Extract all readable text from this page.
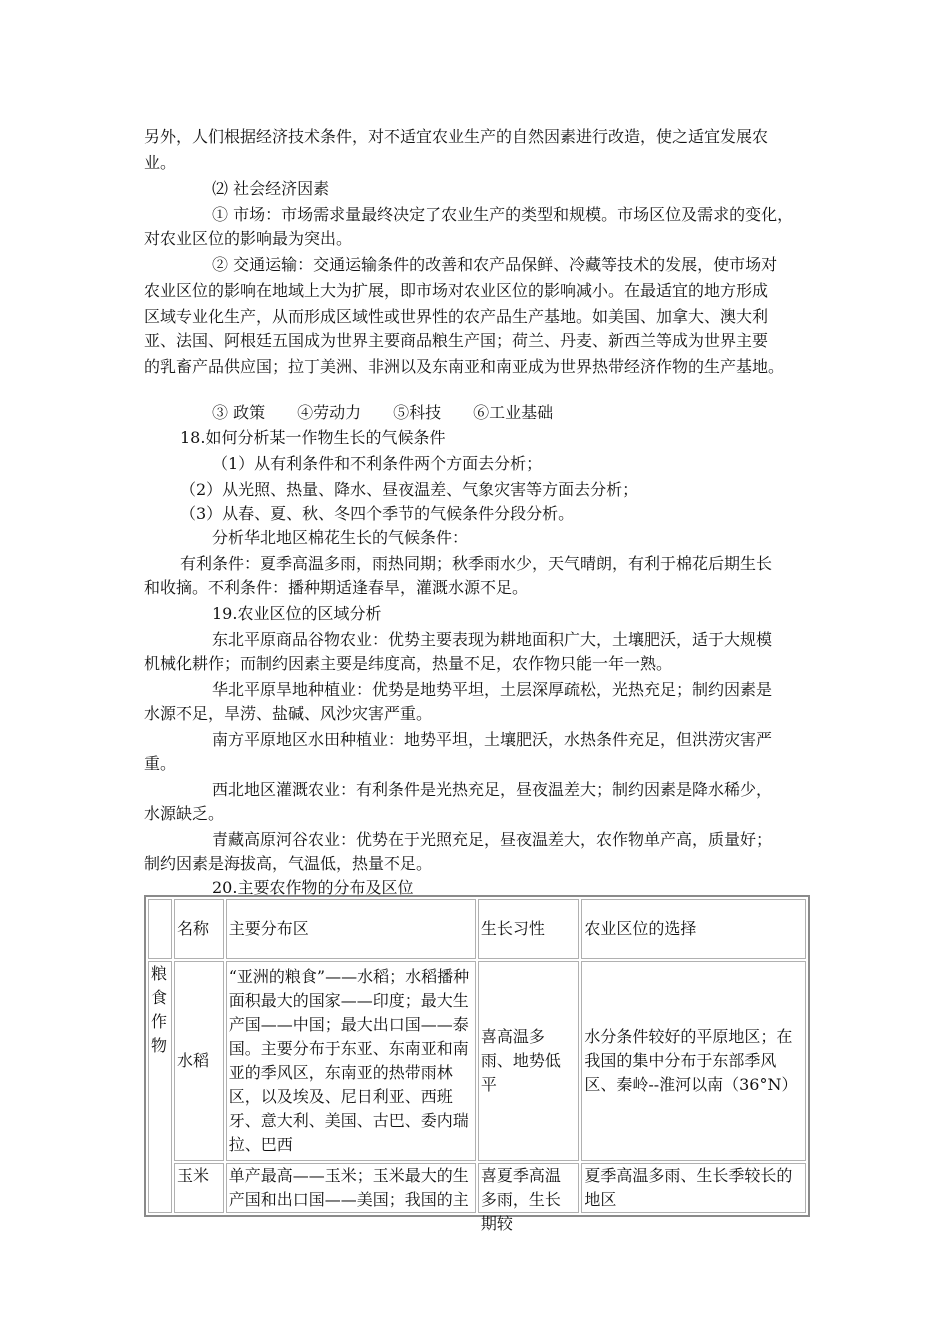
另外，人们根据经济技术条件，对不适宜农业生产的自然因素进行改造，使之适宜发展农
业。
⑵ 社会经济因素
① 市场：市场需求量最终决定了农业生产的类型和规模。市场区位及需求的变化，
对农业区位的影响最为突出。
② 交通运输：交通运输条件的改善和农产品保鲜、冷藏等技术的发展，使市场对
农业区位的影响在地域上大为扩展，即市场对农业区位的影响减小。在最适宜的地方形成
区域专业化生产，从而形成区域性或世界性的农产品生产基地。如美国、加拿大、澳大利
亚、法国、阿根廷五国成为世界主要商品粮生产国；荷兰、丹麦、新西兰等成为世界主要
的乳畜产品供应国；拉丁美洲、非洲以及东南亚和南亚成为世界热带经济作物的生产基地。
③ 政策　　④劳动力　　⑤科技　　⑥工业基础
18.如何分析某一作物生长的气候条件
（1）从有利条件和不利条件两个方面去分析；
（2）从光照、热量、降水、昼夜温差、气象灾害等方面去分析；
（3）从春、夏、秋、冬四个季节的气候条件分段分析。
分析华北地区棉花生长的气候条件：
有利条件：夏季高温多雨，雨热同期；秋季雨水少，天气晴朗，有利于棉花后期生长
和收摘。不利条件：播种期适逢春旱，灌溉水源不足。
19.农业区位的区域分析
东北平原商品谷物农业：优势主要表现为耕地面积广大，土壤肥沃，适于大规模
机械化耕作；而制约因素主要是纬度高，热量不足，农作物只能一年一熟。
华北平原旱地种植业：优势是地势平坦，土层深厚疏松，光热充足；制约因素是
水源不足，旱涝、盐碱、风沙灾害严重。
南方平原地区水田种植业：地势平坦，土壤肥沃，水热条件充足，但洪涝灾害严
重。
西北地区灌溉农业：有利条件是光热充足，昼夜温差大；制约因素是降水稀少，
水源缺乏。
青藏高原河谷农业：优势在于光照充足，昼夜温差大，农作物单产高，质量好；
制约因素是海拔高，气温低，热量不足。
20.主要农作物的分布及区位
	名称	主要分布区	生长习性	农业区位的选择
粮食作物	水稻	“亚洲的粮食”——水稻；水稻播种面积最大的国家——印度；最大生产国——中国；最大出口国——泰国。主要分布于东亚、东南亚和南亚的季风区，东南亚的热带雨林区，以及埃及、尼日利亚、西班牙、意大利、美国、古巴、委内瑞拉、巴西	喜高温多雨、地势低平	水分条件较好的平原地区；在我国的集中分布于东部季风区、秦岭--淮河以南（36°N）

	玉米	单产最高——玉米；玉米最大的生产国和出口国——美国；我国的主	喜夏季高温多雨，生长期较	夏季高温多雨、生长季较长的地区
